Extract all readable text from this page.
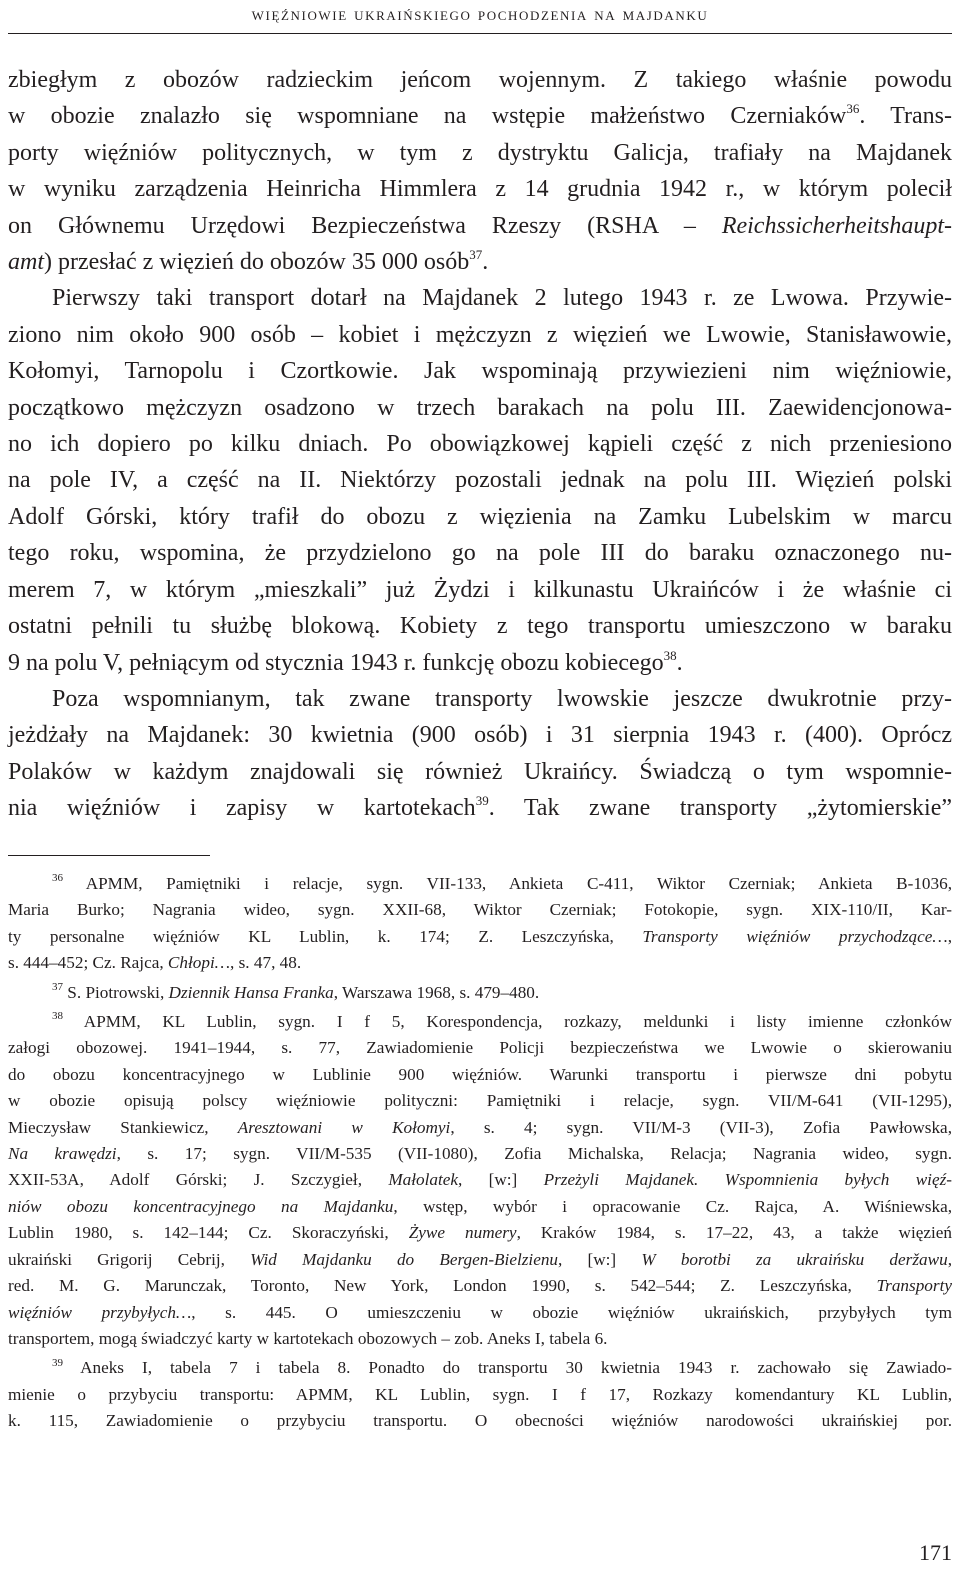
więźniowie ukraińskiego pochodzenia na majdanku

zbiegłym z obozów radzieckim jeńcom wojennym. Z takiego właśnie powodu
w obozie znalazło się wspomniane na wstępie małżeństwo Czerniaków$^{36}$. Trans-
porty więźniów politycznych, w tym z dystryktu Galicja, trafiały na Majdanek
w wyniku zarządzenia Heinricha Himmlera z 14 grudnia 1942 r., w którym polecił
on Głównemu Urzędowi Bezpieczeństwa Rzeszy (RSHA – Reichssicherheitshaupt-
amt) przesłać z więzień do obozów 35 000 osób$^{37}$.

Pierwszy taki transport dotarł na Majdanek 2 lutego 1943 r. ze Lwowa. Przywie-
ziono nim około 900 osób – kobiet i mężczyzn z więzień we Lwowie, Stanisławowie,
Kołomyi, Tarnopolu i Czortkowie. Jak wspominają przywiezieni nim więźniowie,
początkowo mężczyzn osadzono w trzech barakach na polu III. Zaewidencjonowa-
no ich dopiero po kilku dniach. Po obowiązkowej kąpieli część z nich przeniesiono
na pole IV, a część na II. Niektórzy pozostali jednak na polu III. Więzień polski
Adolf Górski, który trafił do obozu z więzienia na Zamku Lubelskim w marcu
tego roku, wspomina, że przydzielono go na pole III do baraku oznaczonego nu-
merem 7, w którym „mieszkali” już Żydzi i kilkunastu Ukraińców i że właśnie ci
ostatni pełnili tu służbę blokową. Kobiety z tego transportu umieszczono w baraku
9 na polu V, pełniącym od stycznia 1943 r. funkcję obozu kobiecego$^{38}$.

Poza wspomnianym, tak zwane transporty lwowskie jeszcze dwukrotnie przy-
jeżdżały na Majdanek: 30 kwietnia (900 osób) i 31 sierpnia 1943 r. (400). Oprócz
Polaków w każdym znajdowali się również Ukraińcy. Świadczą o tym wspomnie-
nia więźniów i zapisy w kartotekach$^{39}$. Tak zwane transporty „żytomierskie”

$^{36}$ APMM, Pamiętniki i relacje, sygn. VII-133, Ankieta C-411, Wiktor Czerniak; Ankieta B-1036,
Maria Burko; Nagrania wideo, sygn. XXII-68, Wiktor Czerniak; Fotokopie, sygn. XIX-110/II, Kar-
ty personalne więźniów KL Lublin, k. 174; Z. Leszczyńska, Transporty więźniów przychodzące…,
s. 444–452; Cz. Rajca, Chłopi…, s. 47, 48.
$^{37}$ S. Piotrowski, Dziennik Hansa Franka, Warszawa 1968, s. 479–480.
$^{38}$ APMM, KL Lublin, sygn. I f 5, Korespondencja, rozkazy, meldunki i listy imienne członków
załogi obozowej. 1941–1944, s. 77, Zawiadomienie Policji bezpieczeństwa we Lwowie o skierowaniu
do obozu koncentracyjnego w Lublinie 900 więźniów. Warunki transportu i pierwsze dni pobytu
w obozie opisują polscy więźniowie polityczni: Pamiętniki i relacje, sygn. VII/M-641 (VII-1295),
Mieczysław Stankiewicz, Aresztowani w Kołomyi, s. 4; sygn. VII/M-3 (VII-3), Zofia Pawłowska,
Na krawędzi, s. 17; sygn. VII/M-535 (VII-1080), Zofia Michalska, Relacja; Nagrania wideo, sygn.
XXII-53A, Adolf Górski; J. Szczygieł, Małolatek, [w:] Przeżyli Majdanek. Wspomnienia byłych więź-
niów obozu koncentracyjnego na Majdanku, wstęp, wybór i opracowanie Cz. Rajca, A. Wiśniewska,
Lublin 1980, s. 142–144; Cz. Skoraczyński, Żywe numery, Kraków 1984, s. 17–22, 43, a także więzień
ukraiński Grigorij Cebrij, Wid Majdanku do Bergen-Bielzienu, [w:] W borotbi za ukraińsku deržawu,
red. M. G. Marunczak, Toronto, New York, London 1990, s. 542–544; Z. Leszczyńska, Transporty
więźniów przybyłych…, s. 445. O umieszczeniu w obozie więźniów ukraińskich, przybyłych tym
transportem, mogą świadczyć karty w kartotekach obozowych – zob. Aneks I, tabela 6.
$^{39}$ Aneks I, tabela 7 i tabela 8. Ponadto do transportu 30 kwietnia 1943 r. zachowało się Zawiado-
mienie o przybyciu transportu: APMM, KL Lublin, sygn. I f 17, Rozkazy komendantury KL Lublin,
k. 115, Zawiadomienie o przybyciu transportu. O obecności więźniów narodowości ukraińskiej por.
171
